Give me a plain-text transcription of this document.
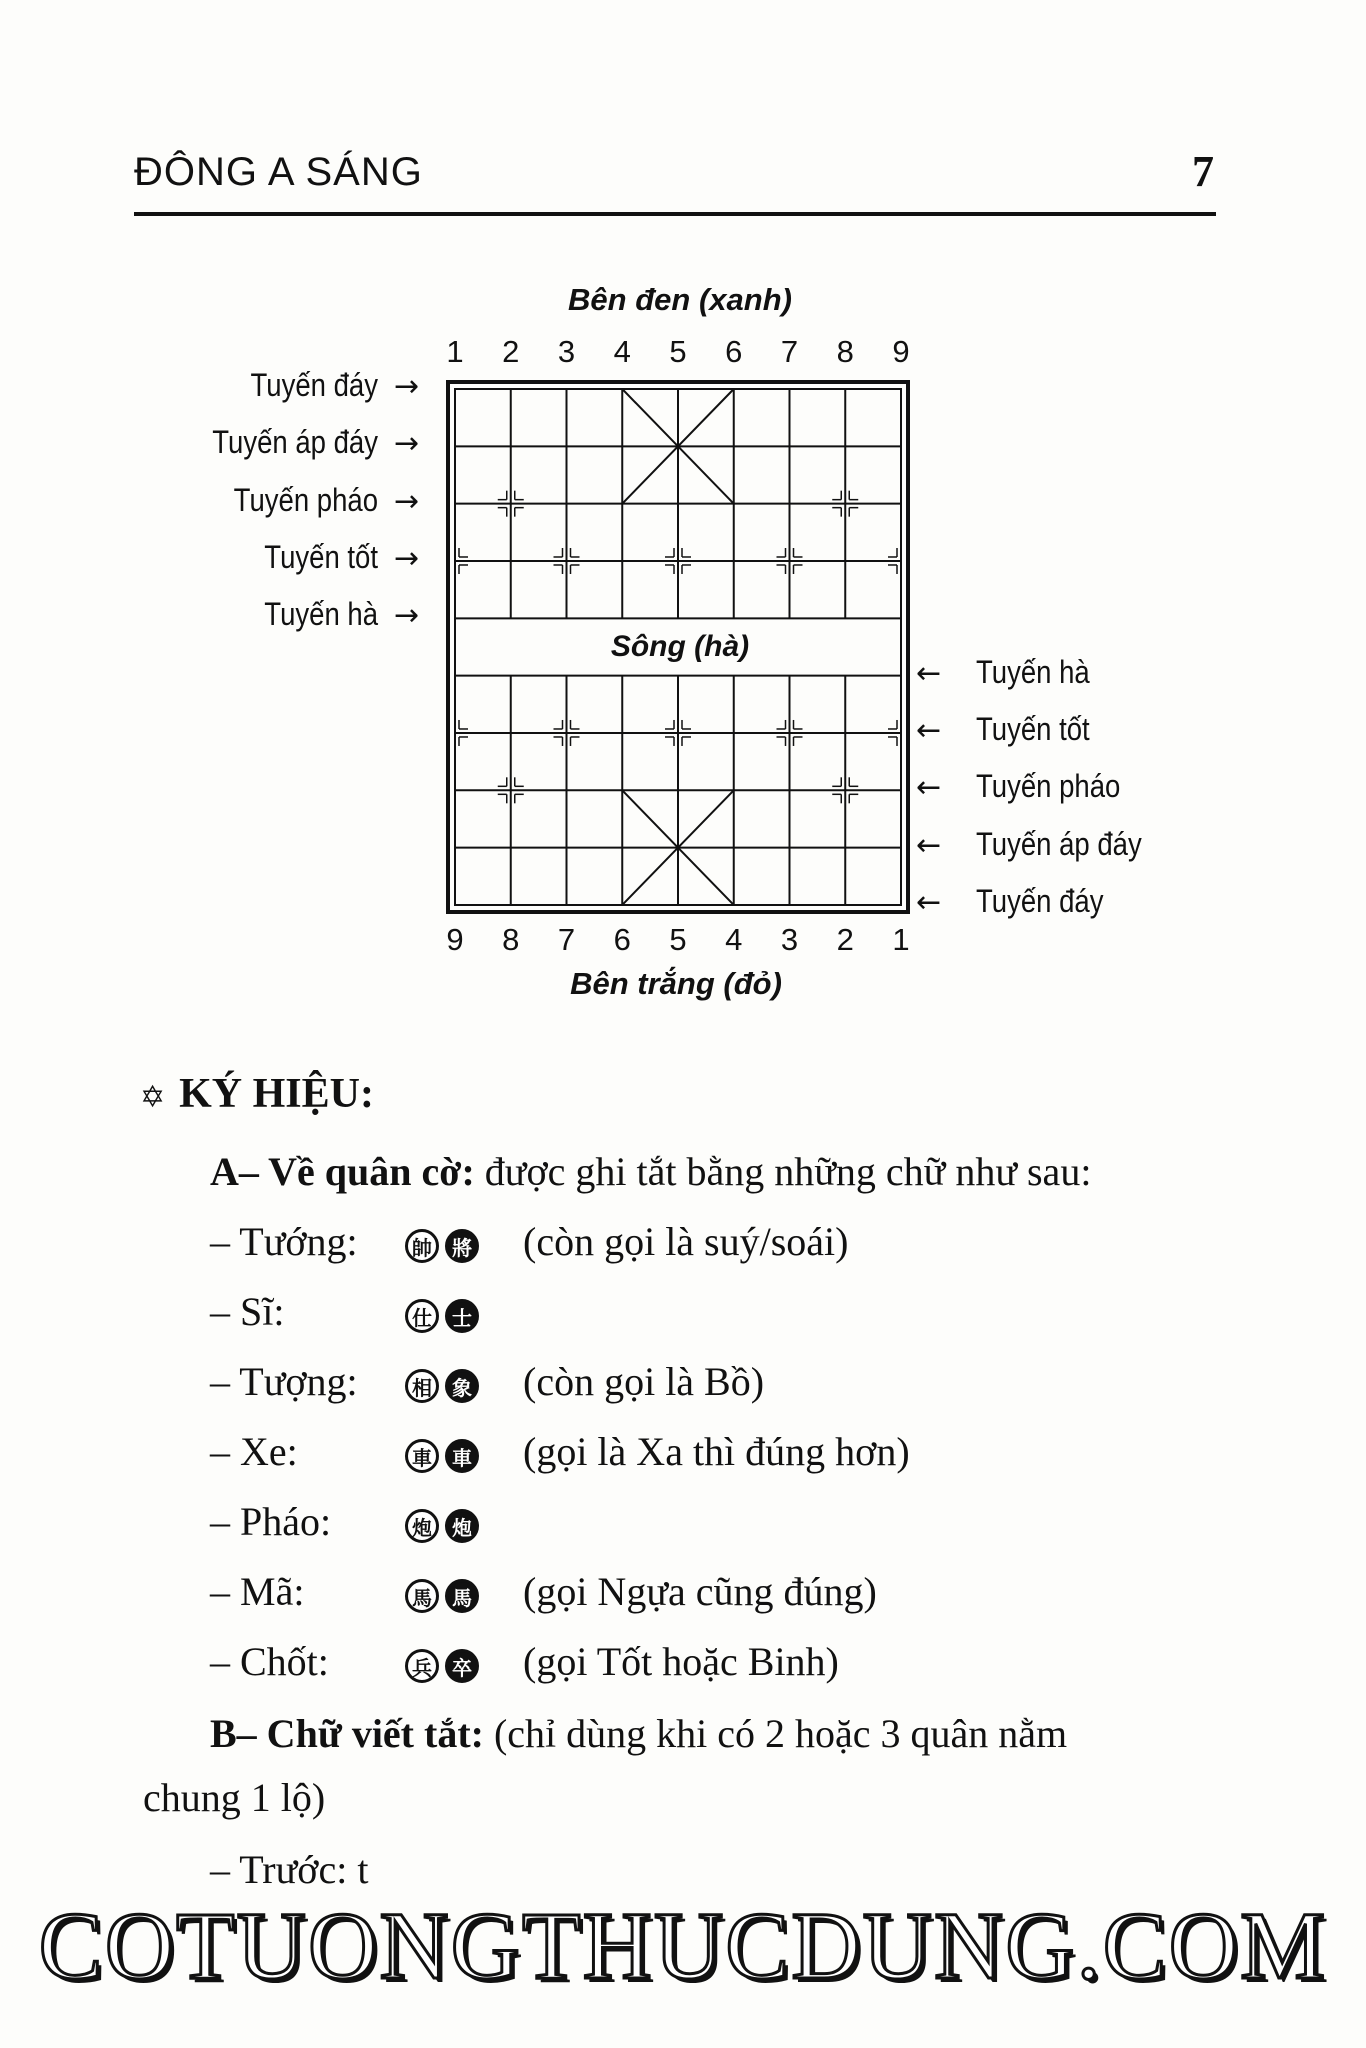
ĐÔNG A SÁNG	7
Bên đen (xanh)
1	2	3	4	5	6	7	8	9
9	8	7	6	5	4	3	2	1
Tuyến đáy →
Tuyến áp đáy →
Tuyến pháo →
Tuyến tốt →
Tuyến hà →
← Tuyến hà
← Tuyến tốt
← Tuyến pháo
← Tuyến áp đáy
← Tuyến đáy
Sông (hà)
Bên trắng (đỏ)
✡ KÝ HIỆU:
A– Về quân cờ: được ghi tắt bằng những chữ như sau:
– Tướng:	帥 將 (còn gọi là suý/soái)
– Sĩ:	仕 士
– Tượng:	相 象 (còn gọi là Bồ)
– Xe:	車 車 (gọi là Xa thì đúng hơn)
– Pháo:	炮 炮
– Mã:	馬 馬 (gọi Ngựa cũng đúng)
– Chốt:	兵 卒 (gọi Tốt hoặc Binh)
B– Chữ viết tắt: (chỉ dùng khi có 2 hoặc 3 quân nằm
chung 1 lộ)
– Trước: t
COTUONGTHUCDUNG.COM
